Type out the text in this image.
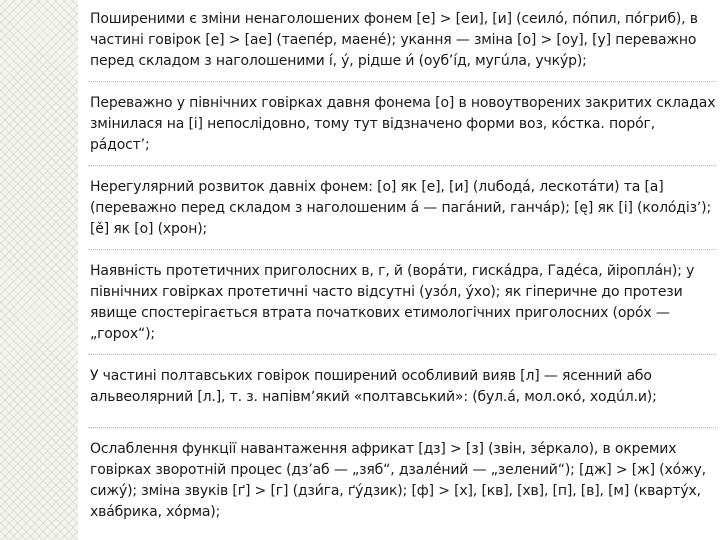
Поширеними є зміни ненаголошених фонем [е] > [еи], [и] (сеило́, по́пил, по́гриб), в частині говірок [е] > [ае] (таепе́р, маене́); укання — зміна [о] > [оу], [у] переважно перед складом з наголошеними і́, у́, рідше и́ (оуб’і́д, мугúла, учку́р);

Переважно у північних говірках давня фонема [о] в новоутворених закритих складах змінилася на [і] непослідовно, тому тут відзначено форми воз, ко́стка. поро́г, ра́дост’;

Нерегулярний розвиток давніх фонем: [о] як [е], [и] (лuбода́, лескота́ти) та [а] (переважно перед складом з наголошеним а́ — пага́ний, ганча́р); [ę] як [і] (коло́дізʼ); [ě] як [о] (хрон);

Наявність протетичних приголосних в, г, й (вора́ти, гиска́дра, Гаде́са, йіропла́н); у північних говірках протетичні часто відсутні (узо́л, у́хо); як гіперичне до протези явище спостерігається втрата початкових етимологічних приголосних (оро́х — „горох“);

У частині полтавських говірок поширений особливий вияв [л] — ясенний або альвеолярний [л.], т. з. напівмʼякий «полтавський»: (бул.а́, мол.око́, ходúл.и);

Ослаблення функції навантаження африкат [дз] > [з] (звін, зе́ркало), в окремих говірках зворотній процес (дз’аб — „зяб“, дзале́ний — „зелений“); [дж] > [ж] (хо́жу, сижу́); зміна звуків [ґ] > [г] (дзи́га, ґу́дзик); [ф] > [х], [кв], [хв], [п], [в], [м] (квартýх, хва́брика, хо́рма);
